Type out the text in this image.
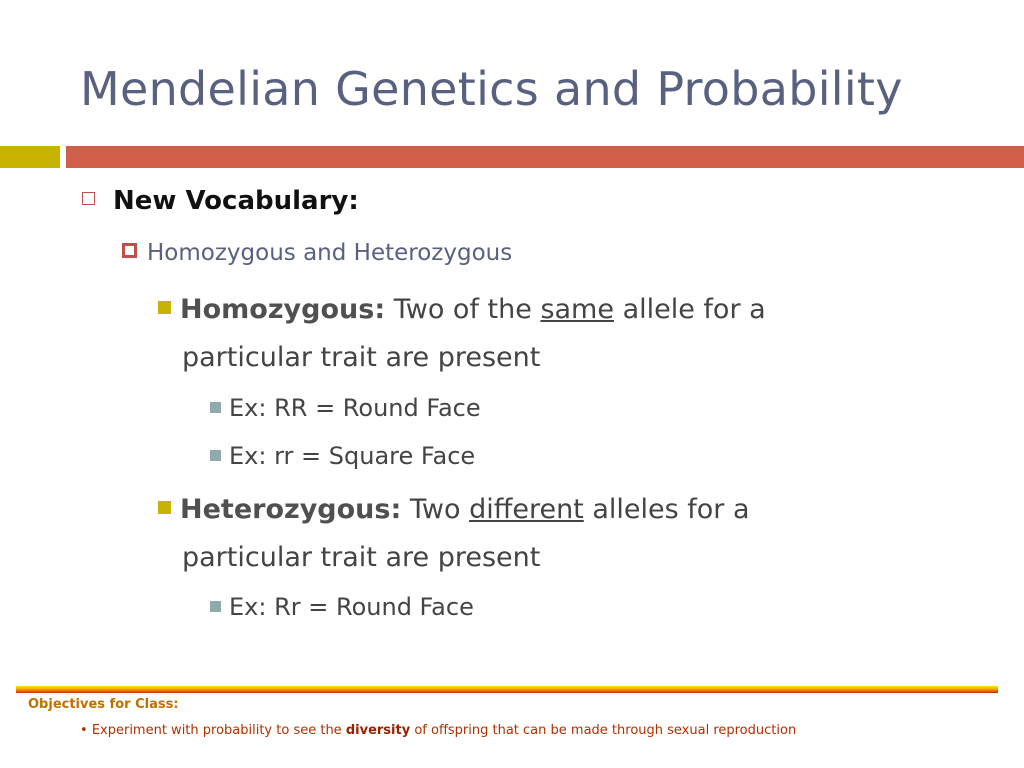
Mendelian Genetics and Probability
New Vocabulary:
Homozygous and Heterozygous
Homozygous: Two of the same allele for a
particular trait are present
Ex: RR = Round Face
Ex: rr = Square Face
Heterozygous: Two different alleles for a
particular trait are present
Ex: Rr = Round Face
Objectives for Class:
• Experiment with probability to see the diversity of offspring that can be made through sexual reproduction
